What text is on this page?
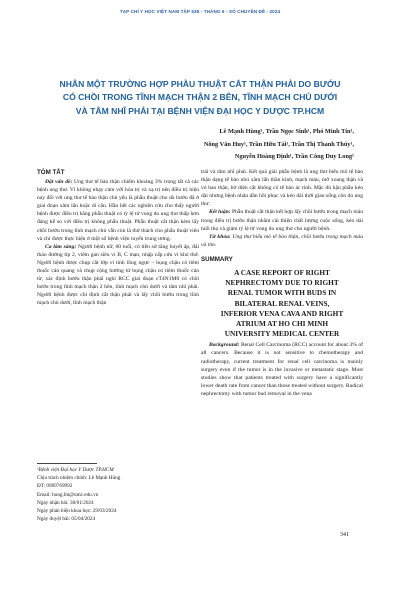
TẠP CHÍ Y HỌC VIỆT NAM TẬP 539 - THÁNG 6 - SỐ CHUYÊN ĐỀ - 2024
NHÂN MỘT TRƯỜNG HỢP PHẪU THUẬT CẮT THẬN PHẢI DO BƯỚU
CÓ CHỒI TRONG TĨNH MẠCH THẬN 2 BÊN, TĨNH MẠCH CHỦ DƯỚI
VÀ TÂM NHĨ PHẢI TẠI BỆNH VIỆN ĐẠI HỌC Y DƯỢC TP.HCM
Lê Mạnh Hùng¹, Trần Ngọc Sinh¹, Phó Minh Tín¹,
Nông Văn Huy¹, Trần Hữu Tài¹, Trần Thị Thanh Thúy¹,
Nguyễn Hoàng Định¹, Trần Công Duy Long¹
TÓM TẮT

Đặt vấn đề: Ung thư tế bào thận chiếm khoảng 3% trong tất cả các bệnh ung thư. Vì không nhạy cảm với hóa trị và xạ trị nên điều trị hiện nay đối với ung thư tế bào thận chủ yếu là phẫu thuật cho dù bướu đã ở giai đoạn xâm lấn hoặc di căn. Hầu hết các nghiên cứu cho thấy người bệnh được điều trị bằng phẫu thuật có tỷ lệ tử vong do ung thư thấp hơn đáng kể so với điều trị không phẫu thuật. Phẫu thuật cắt thận kèm lấy chồi bướu trong tĩnh mạch chủ vẫn còn là thử thách cho phẫu thuật viên và chỉ được thực hiện ở một số bệnh viện tuyến trung ương.

Ca lâm sàng: Người bệnh nữ, 60 tuổi, có tiền sử tăng huyết áp, đái tháo đường típ 2, viêm gan siêu vi B, C mạn, nhập cấp cứu vì khó thở. Người bệnh được chụp cắt lớp vi tính lồng ngực – bụng chậu có tiêm thuốc cản quang và chụp cộng hưởng từ bụng chậu có tiêm thuốc cản từ, xác định bướu thận phải nghi RCC giai đoạn cT4N1M0 có chồi bướu trong tĩnh mạch thận 2 bên, tĩnh mạch chủ dưới và tâm nhĩ phải. Người bệnh được chỉ định cắt thận phải và lấy chồi bướu trong tĩnh mạch chủ dưới, tĩnh mạch thận

trái và tâm nhĩ phải. Kết quả giải phẫu bệnh là ung thư biểu mô tế bào thận dạng tế bào nhú xâm lấn thần kinh, mạch máu, mỡ xoang thận và vỏ bao thận, bờ diện cắt không có tế bào ác tính. Mặc dù hậu phẫu kéo dài nhưng bệnh nhân dần hồi phục và kéo dài thời gian sống còn do ung thư.

Kết luận: Phẫu thuật cắt thận kết hợp lấy chồi bướu trong mạch máu trong điều trị bướu thận nhằm cải thiện chất lượng cuộc sống, kéo dài tuổi thọ và giảm tỷ lệ tử vong do ung thư cho người bệnh.

Từ khóa: Ung thư biểu mô tế bào thận, chồi bướu trong mạch máu và tim.

SUMMARY
A CASE REPORT OF RIGHT
NEPHRECTOMY DUE TO RIGHT
RENAL TUMOR WITH BUDS IN
BILATERAL RENAL VEINS,
INFERIOR VENA CAVA AND RIGHT
ATRIUM AT HO CHI MINH
UNIVERSITY MEDICAL CENTER

Background: Renal Cell Carcinoma (RCC) account for about 3% of all cancers. Because it is not sensitive to chemotherapy and radiotherapy, current treatment for renal cell carcinoma is mainly surgery even if the tumor is in the invasive or metastatic stage. Most studies show that patients treated with surgery have a significantly lower death rate from cancer than those treated without surgery. Radical nephrectomy with tumor bud removal in the vena

¹Bệnh viện Đại học Y Dược TP.HCM
Chịu trách nhiệm chính: Lê Mạnh Hùng
ĐT: 0909769992
Email: hung.lm@umc.edu.vn
Ngày nhận bài: 30/01/2024
Ngày phản biện khoa học: 29/03/2024
Ngày duyệt bài: 05/04/2024
341
